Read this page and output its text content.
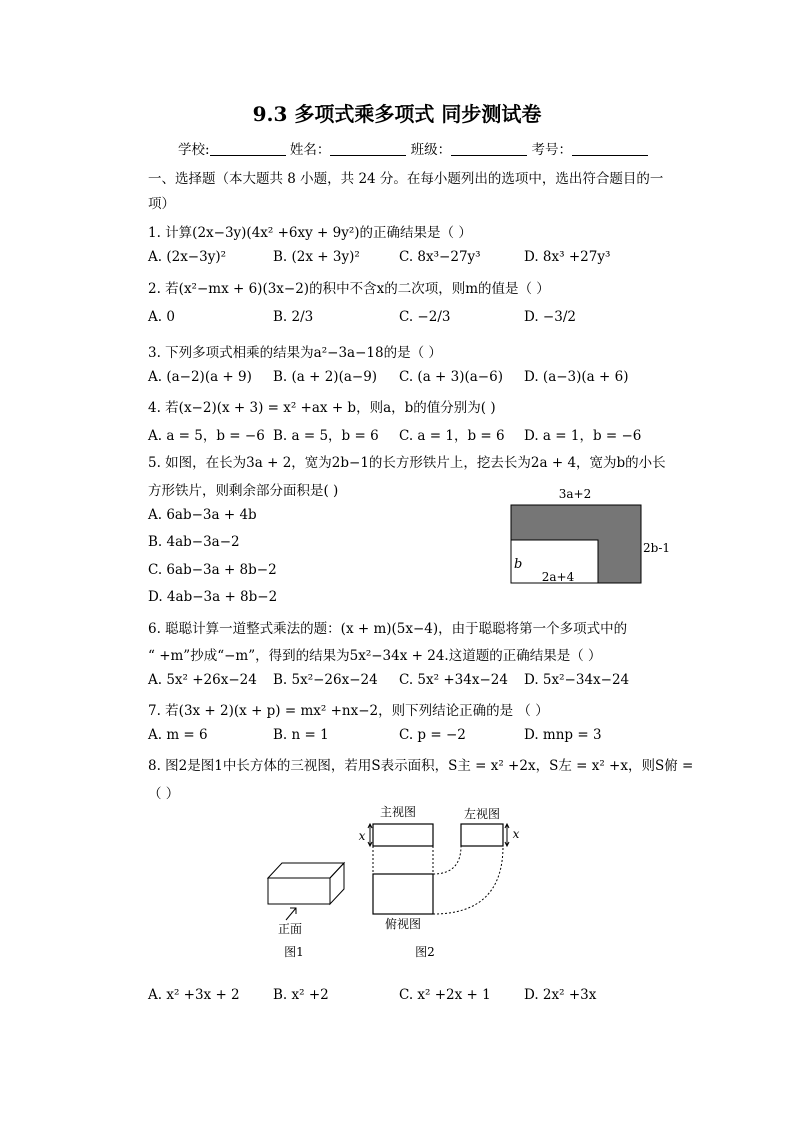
9.3 多项式乘多项式 同步测试卷
学校:	姓名：	班级：	考号：
一、选择题（本大题共 8 小题，共 24 分。在每小题列出的选项中，选出符合题目的一
项）
1. 计算(2x−3y)(4x² +6xy + 9y²)的正确结果是（ ）
A. (2x−3y)²	B. (2x + 3y)²	C. 8x³−27y³	D. 8x³ +27y³
2. 若(x²−mx + 6)(3x−2)的积中不含x的二次项，则m的值是（ ）
A. 0	B. 2/3	C. −2/3	D. −3/2
3. 下列多项式相乘的结果为a²−3a−18的是（ ）
A. (a−2)(a + 9) B. (a + 2)(a−9) C. (a + 3)(a−6) D. (a−3)(a + 6)
4. 若(x−2)(x + 3) = x² +ax + b，则a，b的值分别为( )
A. a = 5，b = −6 B. a = 5，b = 6 C. a = 1，b = 6 D. a = 1，b = −6
5. 如图，在长为3a + 2，宽为2b−1的长方形铁片上，挖去长为2a + 4，宽为b的小长
方形铁片，则剩余部分面积是( )
A. 6ab−3a + 4b
B. 4ab−3a−2
C. 6ab−3a + 8b−2
D. 4ab−3a + 8b−2
3a+2
2b-1
b
2a+4
6. 聪聪计算一道整式乘法的题：(x + m)(5x−4)，由于聪聪将第一个多项式中的
“ +m”抄成“−m”，得到的结果为5x²−34x + 24.这道题的正确结果是（ ）
A. 5x² +26x−24 B. 5x²−26x−24 C. 5x² +34x−24 D. 5x²−34x−24
7. 若(3x + 2)(x + p) = mx² +nx−2，则下列结论正确的是 （ ）
A. m = 6	B. n = 1	C. p = −2	D. mnp = 3
8. 图2是图1中长方体的三视图，若用S表示面积，S主 = x² +2x，S左 = x² +x，则S俯 =
（ ）
正面
图1
主视图	左视图
x	x
俯视图
图2
A. x² +3x + 2 B. x² +2	C. x² +2x + 1 D. 2x² +3x
